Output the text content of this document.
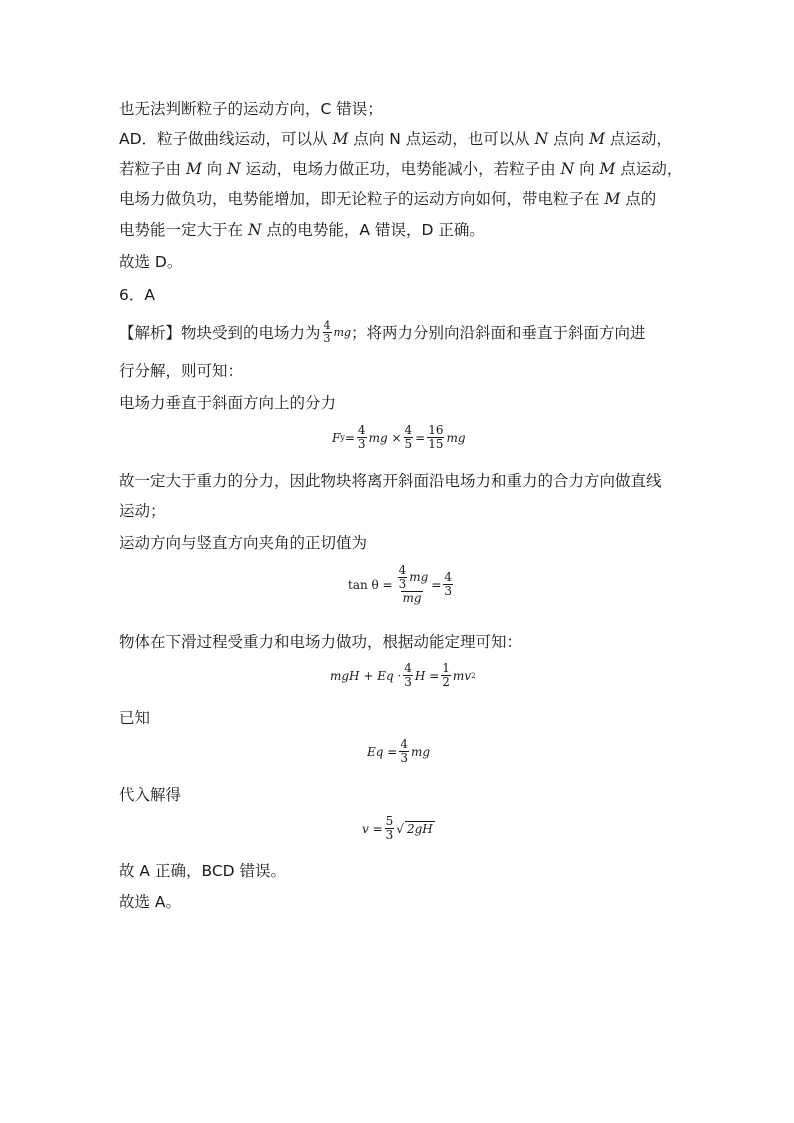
也无法判断粒子的运动方向，C 错误；
AD．粒子做曲线运动，可以从 M 点向 N 点运动，也可以从 N 点向 M 点运动，
若粒子由 M 向 N 运动，电场力做正功，电势能减小，若粒子由 N 向 M 点运动，
电场力做负功，电势能增加，即无论粒子的运动方向如何，带电粒子在 M 点的
电势能一定大于在 N 点的电势能，A 错误，D 正确。
故选 D。
6．A
【解析】物块受到的电场力为 $\frac{4}{3}$ mg ；将两力分别向沿斜面和垂直于斜面方向进
行分解，则可知：
电场力垂直于斜面方向上的分力
F $y = \frac{4}{3}$ mg × $\frac{4}{5} = \frac{16}{15}$ mg
故一定大于重力的分力，因此物块将离开斜面沿电场力和重力的合力方向做直线
运动；
运动方向与竖直方向夹角的正切值为
$\tan \theta = \frac{\frac{4}{3} mg}{mg} = \frac{4}{3}$
物体在下滑过程受重力和电场力做功，根据动能定理可知：
mgH + $Eq \cdot \frac{4}{3}$ $H = \frac{1}{2}$ mv 2
已知
$Eq = \frac{4}{3}$ mg
代入解得
$v = \frac{5}{3}$ √ 2gH
故 A 正确，BCD 错误。
故选 A。
